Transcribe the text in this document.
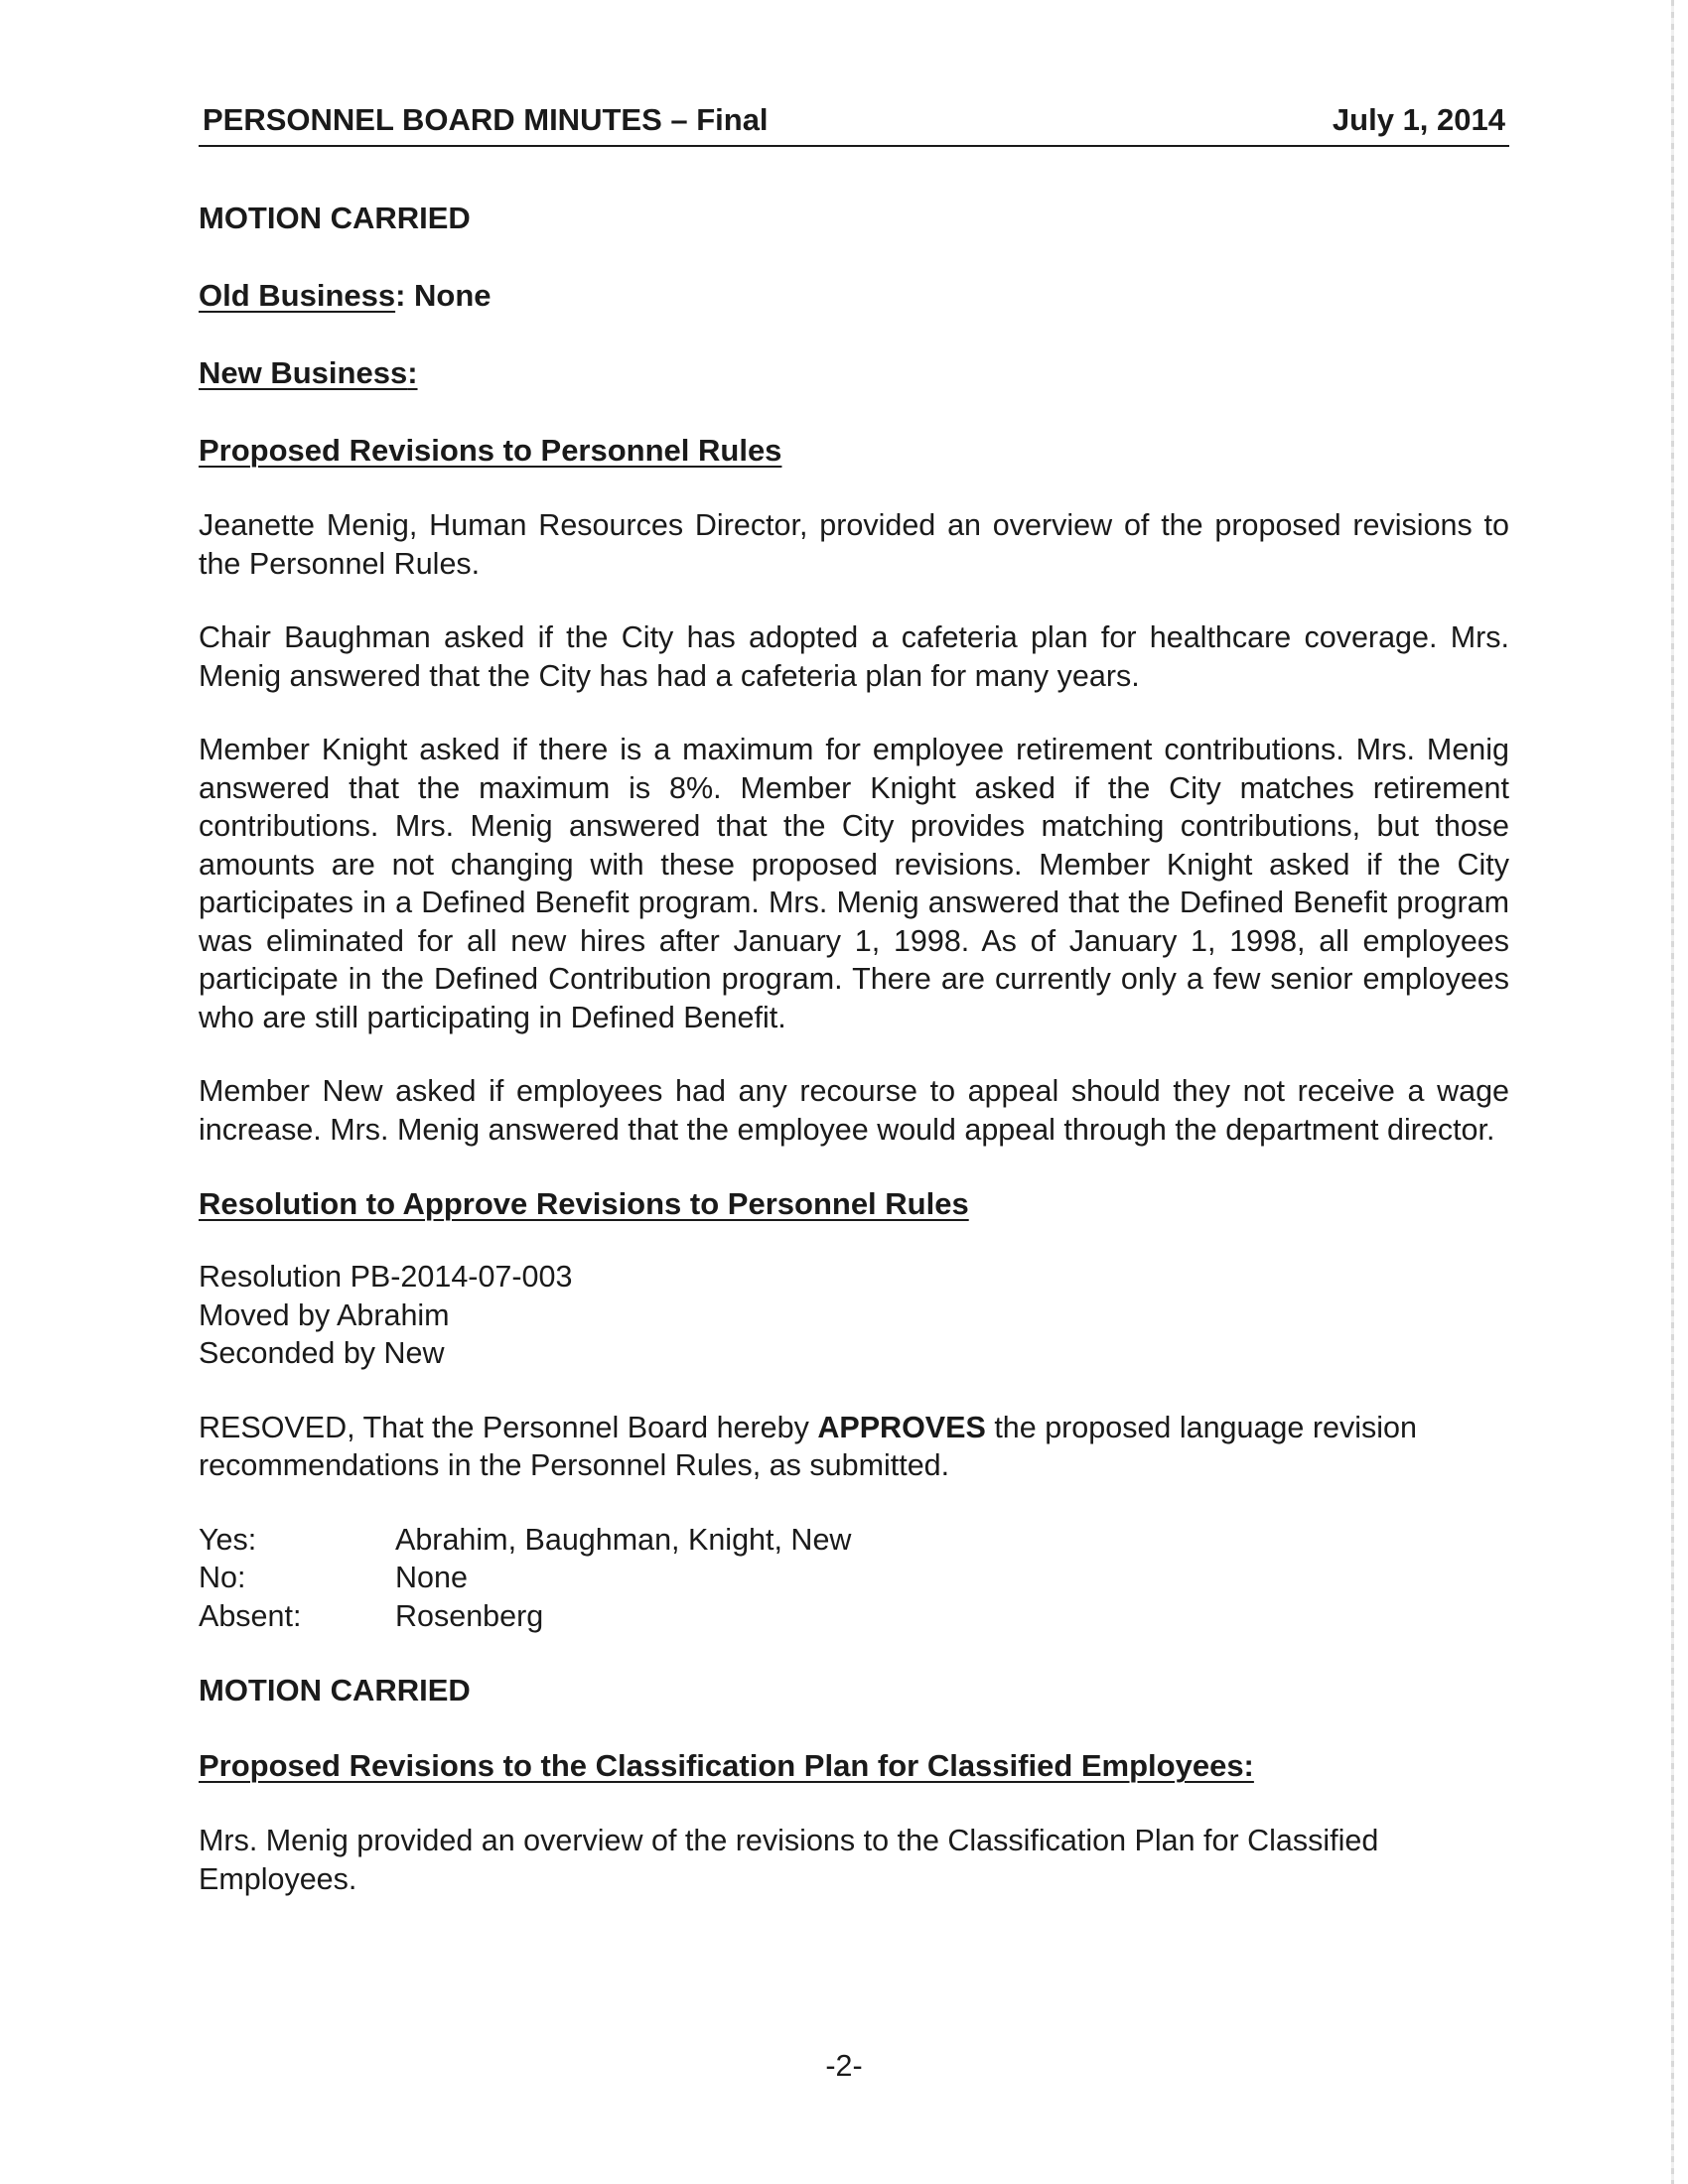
PERSONNEL BOARD MINUTES – Final	July 1, 2014

MOTION CARRIED

Old Business: None

New Business:

Proposed Revisions to Personnel Rules

Jeanette Menig, Human Resources Director, provided an overview of the proposed revisions to the Personnel Rules.

Chair Baughman asked if the City has adopted a cafeteria plan for healthcare coverage. Mrs. Menig answered that the City has had a cafeteria plan for many years.

Member Knight asked if there is a maximum for employee retirement contributions. Mrs. Menig answered that the maximum is 8%. Member Knight asked if the City matches retirement contributions. Mrs. Menig answered that the City provides matching contributions, but those amounts are not changing with these proposed revisions. Member Knight asked if the City participates in a Defined Benefit program. Mrs. Menig answered that the Defined Benefit program was eliminated for all new hires after January 1, 1998. As of January 1, 1998, all employees participate in the Defined Contribution program. There are currently only a few senior employees who are still participating in Defined Benefit.

Member New asked if employees had any recourse to appeal should they not receive a wage increase. Mrs. Menig answered that the employee would appeal through the department director.

Resolution to Approve Revisions to Personnel Rules

Resolution PB-2014-07-003

Moved by Abrahim

Seconded by New

RESOVED, That the Personnel Board hereby APPROVES the proposed language revision recommendations in the Personnel Rules, as submitted.

Yes:	Abrahim, Baughman, Knight, New
No:	None
Absent:	Rosenberg

MOTION CARRIED

Proposed Revisions to the Classification Plan for Classified Employees:

Mrs. Menig provided an overview of the revisions to the Classification Plan for Classified Employees.

-2-
